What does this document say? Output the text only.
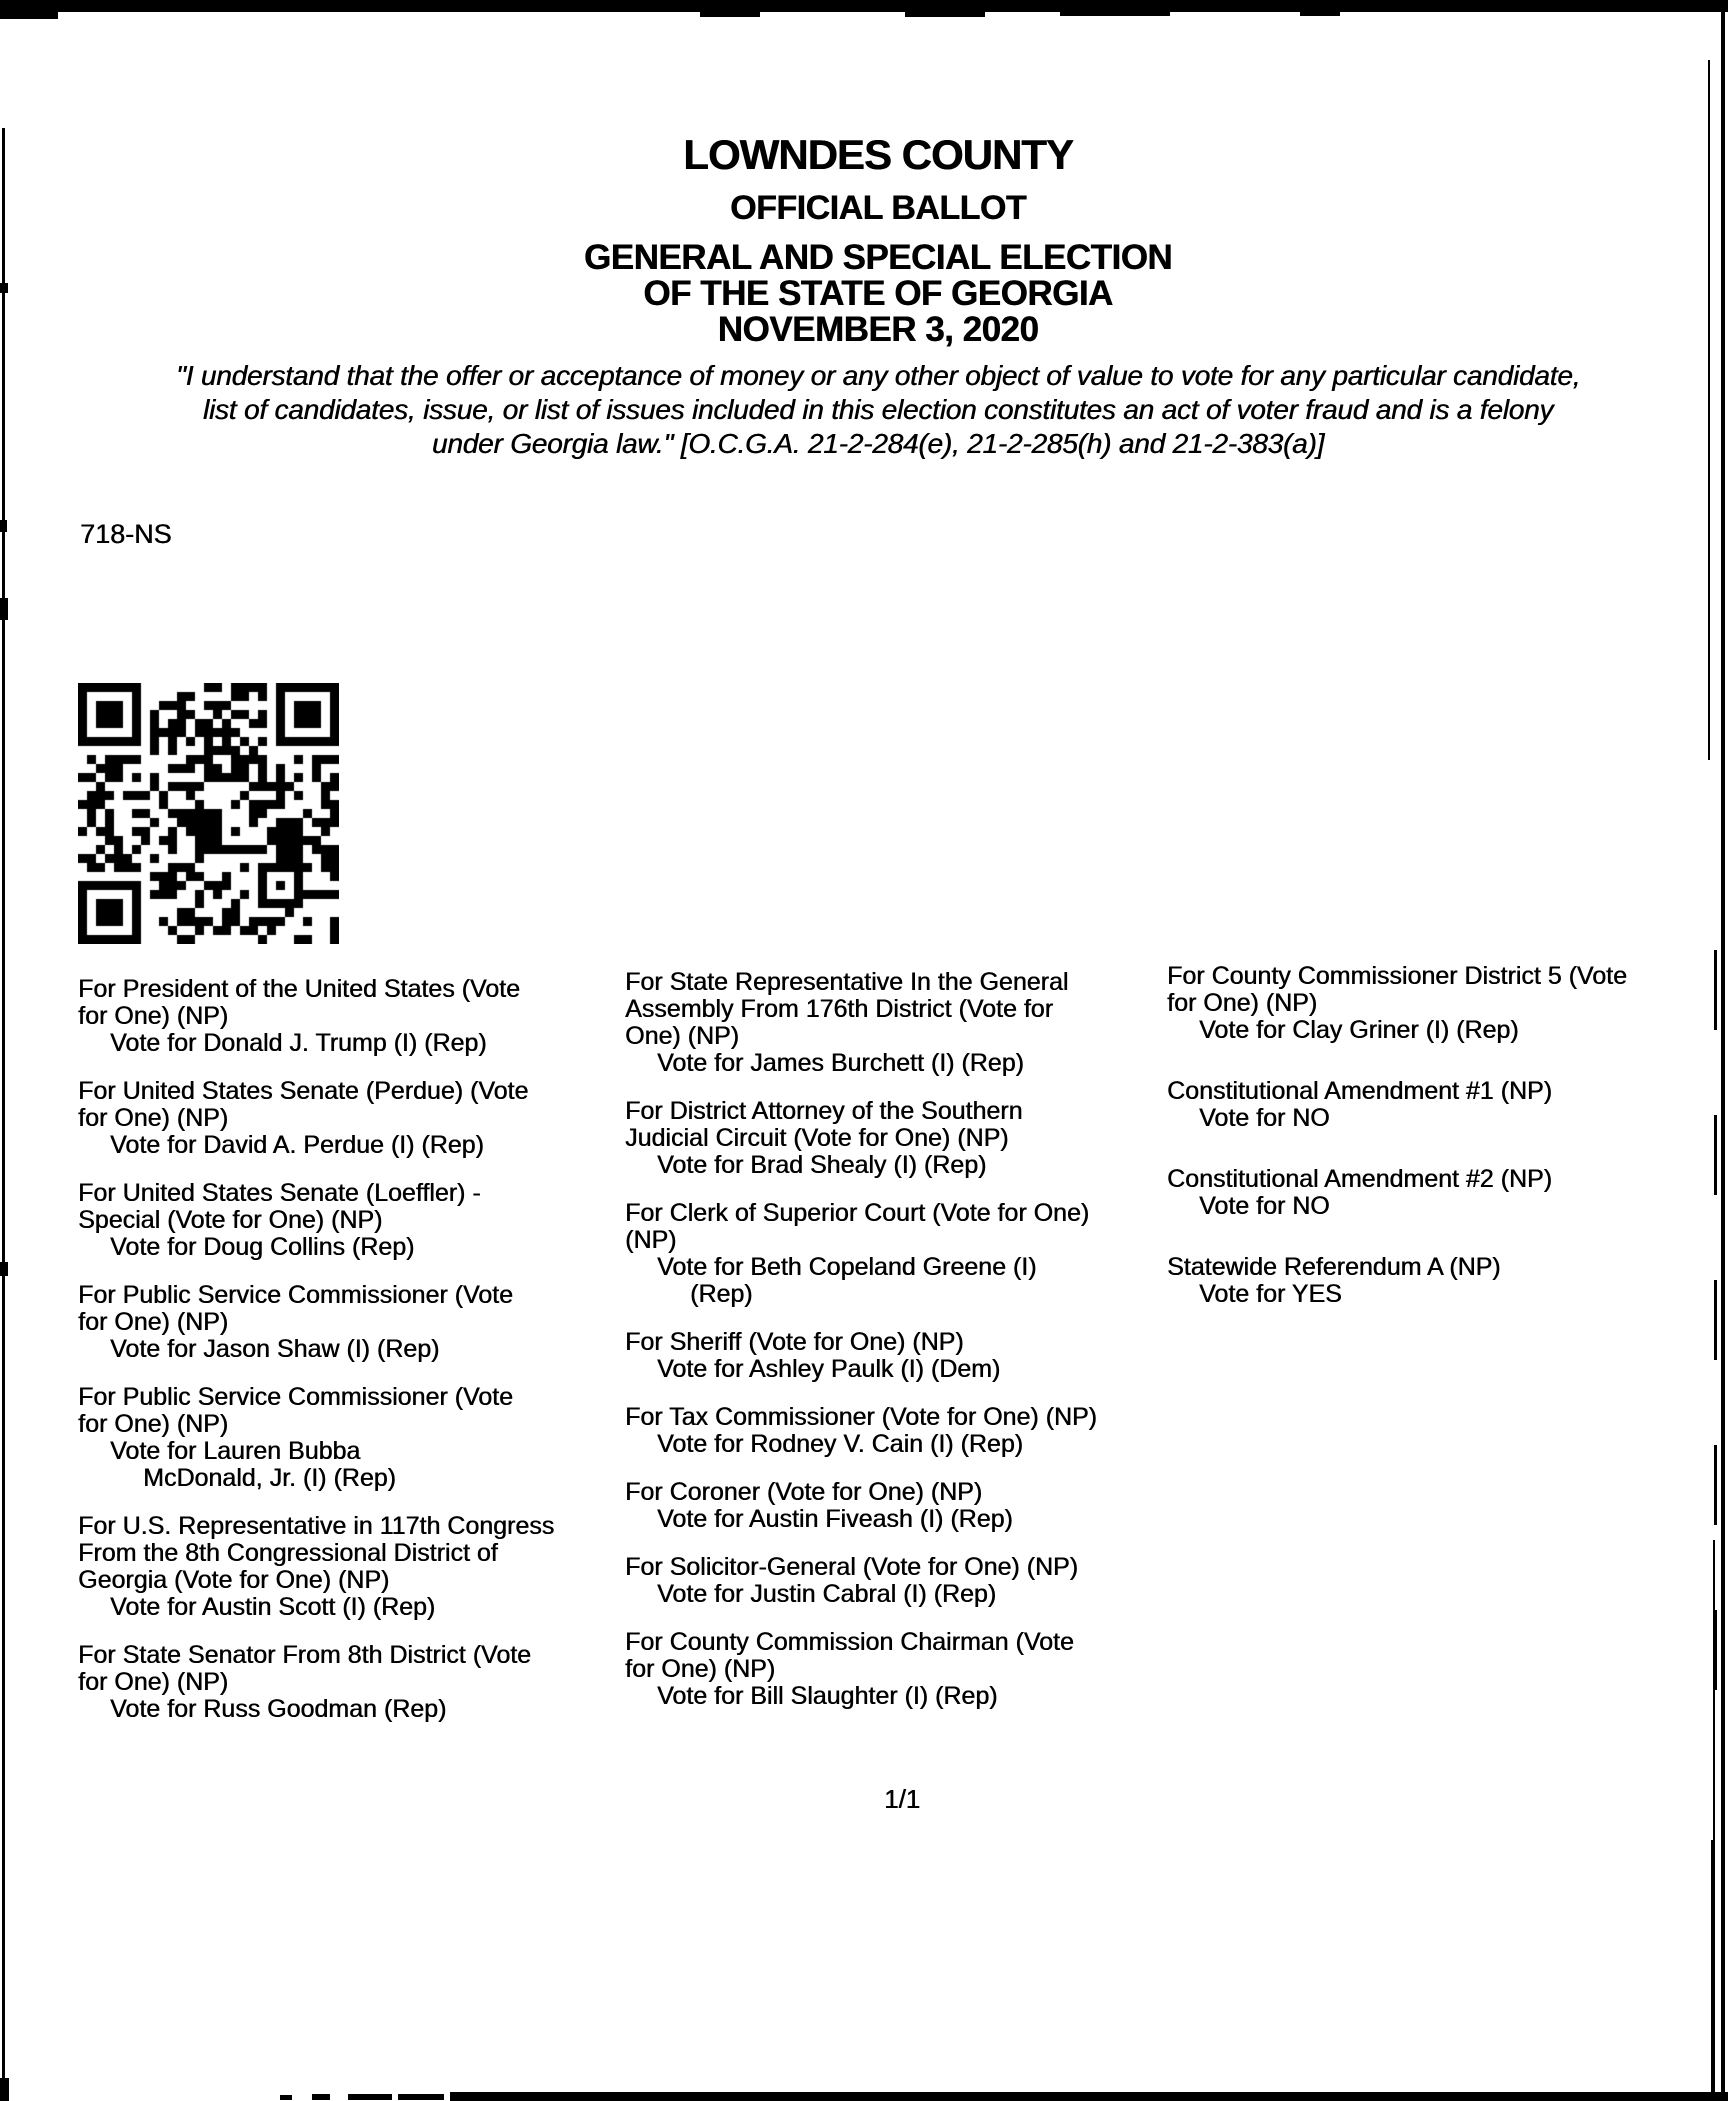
LOWNDES COUNTY
OFFICIAL BALLOT
GENERAL AND SPECIAL ELECTION
OF THE STATE OF GEORGIA
NOVEMBER 3, 2020
"I understand that the offer or acceptance of money or any other object of value to vote for any particular candidate,
list of candidates, issue, or list of issues included in this election constitutes an act of voter fraud and is a felony
under Georgia law." [O.C.G.A. 21-2-284(e), 21-2-285(h) and 21-2-383(a)]
718-NS
For President of the United States (Vote
for One) (NP)
Vote for Donald J. Trump (I) (Rep)
For United States Senate (Perdue) (Vote
for One) (NP)
Vote for David A. Perdue (I) (Rep)
For United States Senate (Loeffler) -
Special (Vote for One) (NP)
Vote for Doug Collins (Rep)
For Public Service Commissioner (Vote
for One) (NP)
Vote for Jason Shaw (I) (Rep)
For Public Service Commissioner (Vote
for One) (NP)
Vote for Lauren Bubba
McDonald, Jr. (I) (Rep)
For U.S. Representative in 117th Congress
From the 8th Congressional District of
Georgia (Vote for One) (NP)
Vote for Austin Scott (I) (Rep)
For State Senator From 8th District (Vote
for One) (NP)
Vote for Russ Goodman (Rep)
For State Representative In the General
Assembly From 176th District (Vote for
One) (NP)
Vote for James Burchett (I) (Rep)
For District Attorney of the Southern
Judicial Circuit (Vote for One) (NP)
Vote for Brad Shealy (I) (Rep)
For Clerk of Superior Court (Vote for One)
(NP)
Vote for Beth Copeland Greene (I)
(Rep)
For Sheriff (Vote for One) (NP)
Vote for Ashley Paulk (I) (Dem)
For Tax Commissioner (Vote for One) (NP)
Vote for Rodney V. Cain (I) (Rep)
For Coroner (Vote for One) (NP)
Vote for Austin Fiveash (I) (Rep)
For Solicitor-General (Vote for One) (NP)
Vote for Justin Cabral (I) (Rep)
For County Commission Chairman (Vote
for One) (NP)
Vote for Bill Slaughter (I) (Rep)
For County Commissioner District 5 (Vote
for One) (NP)
Vote for Clay Griner (I) (Rep)
Constitutional Amendment #1 (NP)
Vote for NO
Constitutional Amendment #2 (NP)
Vote for NO
Statewide Referendum A (NP)
Vote for YES
1/1
